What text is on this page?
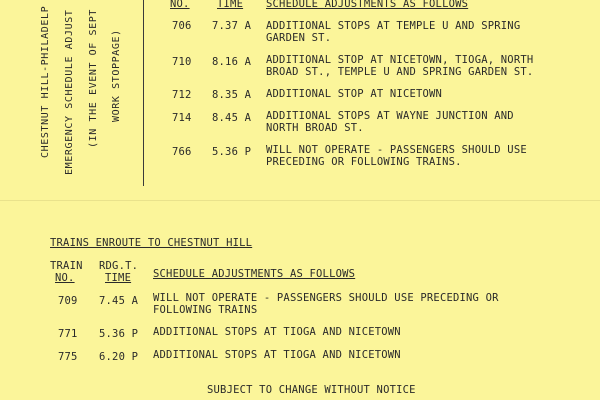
CHESTNUT HILL-PHILADELP EMERGENCY SCHEDULE ADJUST (IN THE EVENT OF SEPT WORK STOPPAGE)
NO.	TIME SCHEDULE ADJUSTMENTS AS FOLLOWS
706 7.37 A ADDITIONAL STOPS AT TEMPLE U AND SPRING
GARDEN ST.
710 8.16 A ADDITIONAL STOP AT NICETOWN, TIOGA, NORTH
BROAD ST., TEMPLE U AND SPRING GARDEN ST.
712 8.35 A ADDITIONAL STOP AT NICETOWN
714 8.45 A ADDITIONAL STOPS AT WAYNE JUNCTION AND
NORTH BROAD ST.
766 5.36 P WILL NOT OPERATE - PASSENGERS SHOULD USE
PRECEDING OR FOLLOWING TRAINS.
TRAINS ENROUTE TO CHESTNUT HILL
TRAIN
NO.
RDG.T.
TIME SCHEDULE ADJUSTMENTS AS FOLLOWS
709 7.45 A WILL NOT OPERATE - PASSENGERS SHOULD USE PRECEDING OR
FOLLOWING TRAINS
771 5.36 P ADDITIONAL STOPS AT TIOGA AND NICETOWN
775 6.20 P ADDITIONAL STOPS AT TIOGA AND NICETOWN
SUBJECT TO CHANGE WITHOUT NOTICE
